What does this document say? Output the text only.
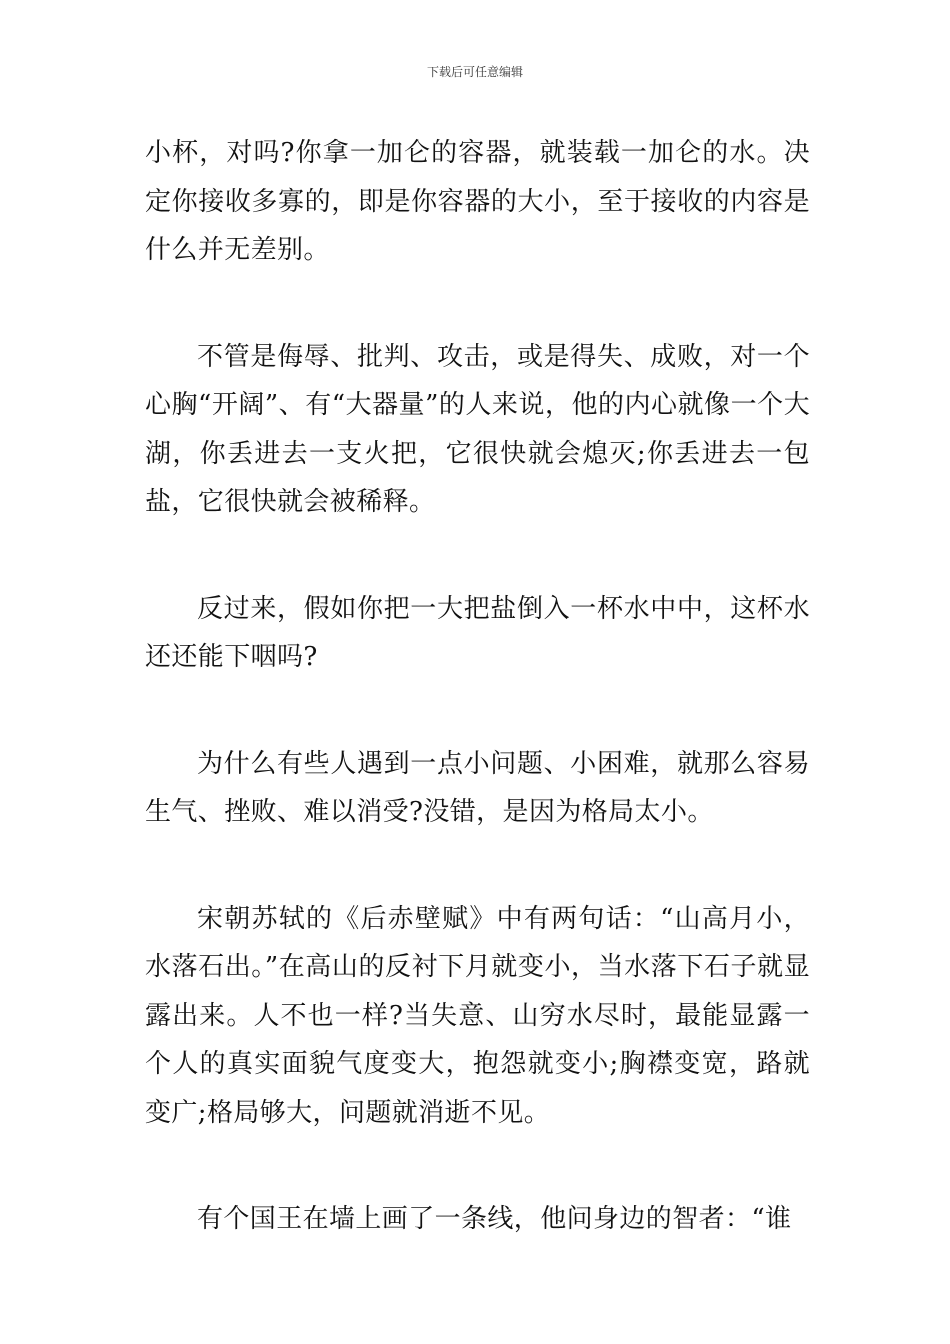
下载后可任意编辑

小杯，对吗?你拿一加仑的容器，就装载一加仑的水。决定你接收多寡的，即是你容器的大小，至于接收的内容是什么并无差别。

不管是侮辱、批判、攻击，或是得失、成败，对一个心胸“开阔”、有“大器量”的人来说，他的内心就像一个大湖，你丢进去一支火把，它很快就会熄灭;你丢进去一包盐，它很快就会被稀释。

反过来，假如你把一大把盐倒入一杯水中中，这杯水还还能下咽吗?

为什么有些人遇到一点小问题、小困难，就那么容易生气、挫败、难以消受?没错，是因为格局太小。

宋朝苏轼的《后赤壁赋》中有两句话：“山高月小，水落石出。”在高山的反衬下月就变小，当水落下石子就显露出来。人不也一样?当失意、山穷水尽时，最能显露一个人的真实面貌气度变大，抱怨就变小;胸襟变宽，路就变广;格局够大，问题就消逝不见。

有个国王在墙上画了一条线，他问身边的智者：“谁
